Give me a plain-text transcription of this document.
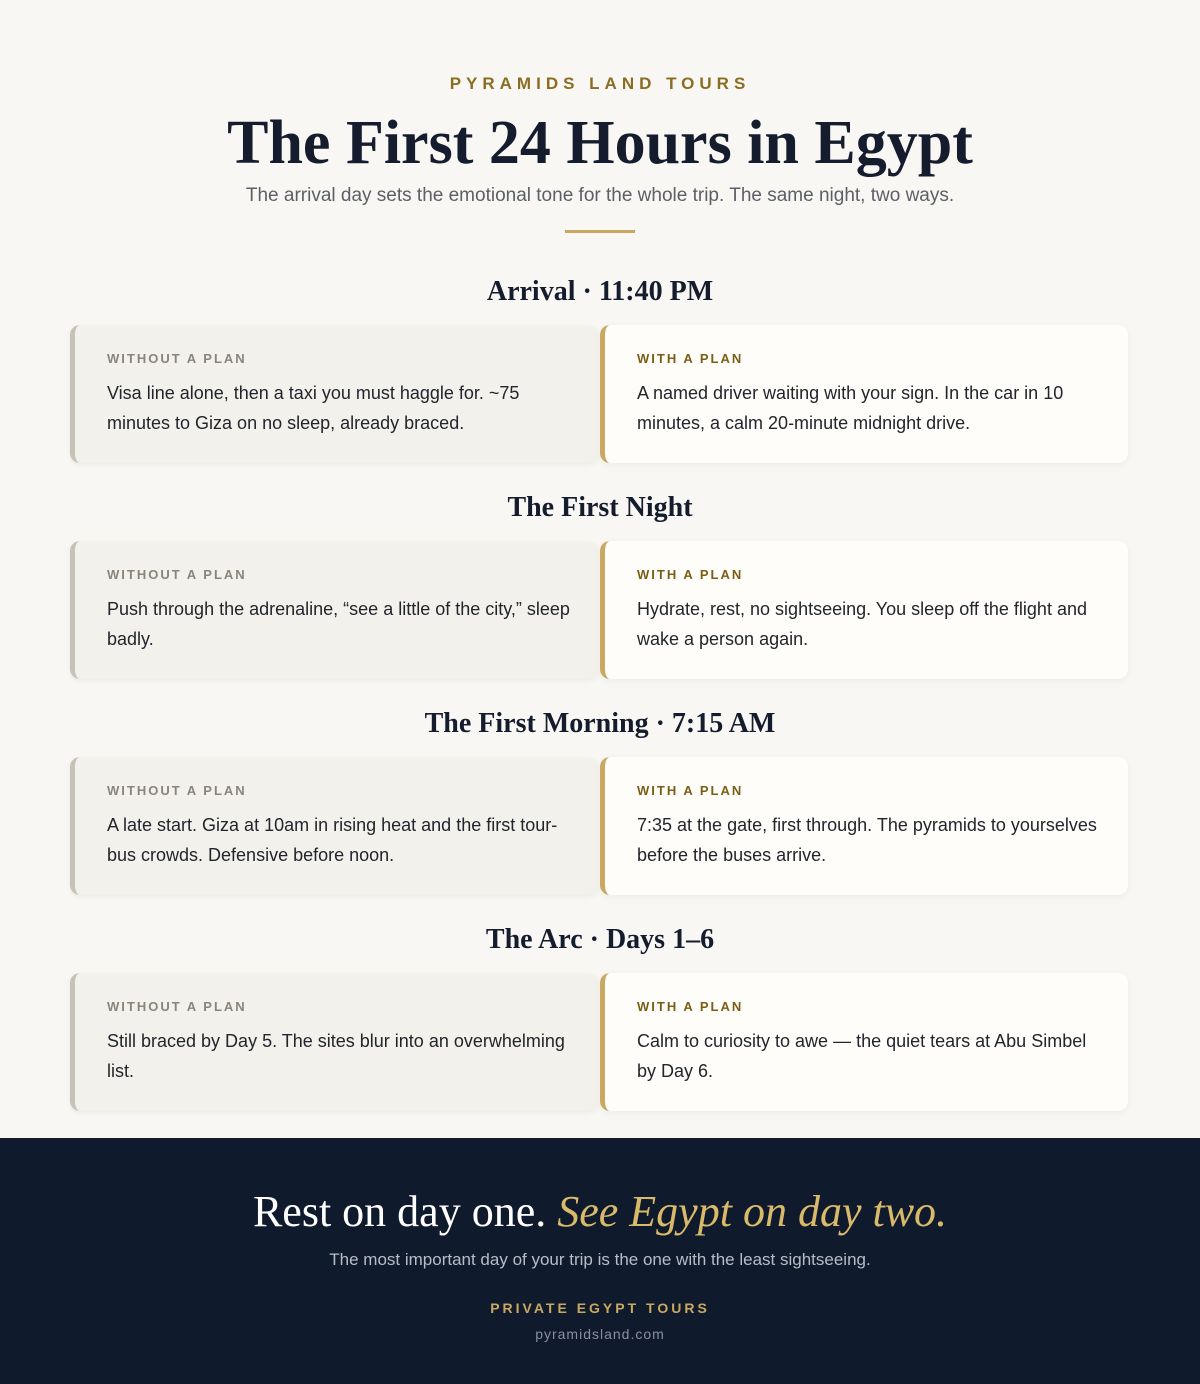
PYRAMIDS LAND TOURS
The First 24 Hours in Egypt

The arrival day sets the emotional tone for the whole trip. The same night, two ways.

Arrival · 11:40 PM
WITHOUT A PLAN
Visa line alone, then a taxi you must haggle for. ~75 minutes to Giza on no sleep, already braced.
WITH A PLAN
A named driver waiting with your sign. In the car in 10 minutes, a calm 20-minute midnight drive.
The First Night
WITHOUT A PLAN
Push through the adrenaline, “see a little of the city,” sleep badly.
WITH A PLAN
Hydrate, rest, no sightseeing. You sleep off the flight and wake a person again.
The First Morning · 7:15 AM
WITHOUT A PLAN
A late start. Giza at 10am in rising heat and the first tour-bus crowds. Defensive before noon.
WITH A PLAN
7:35 at the gate, first through. The pyramids to yourselves before the buses arrive.
The Arc · Days 1–6
WITHOUT A PLAN
Still braced by Day 5. The sites blur into an overwhelming list.
WITH A PLAN
Calm to curiosity to awe — the quiet tears at Abu Simbel by Day 6.
Rest on day one. See Egypt on day two.
The most important day of your trip is the one with the least sightseeing.
PRIVATE EGYPT TOURS
pyramidsland.com
